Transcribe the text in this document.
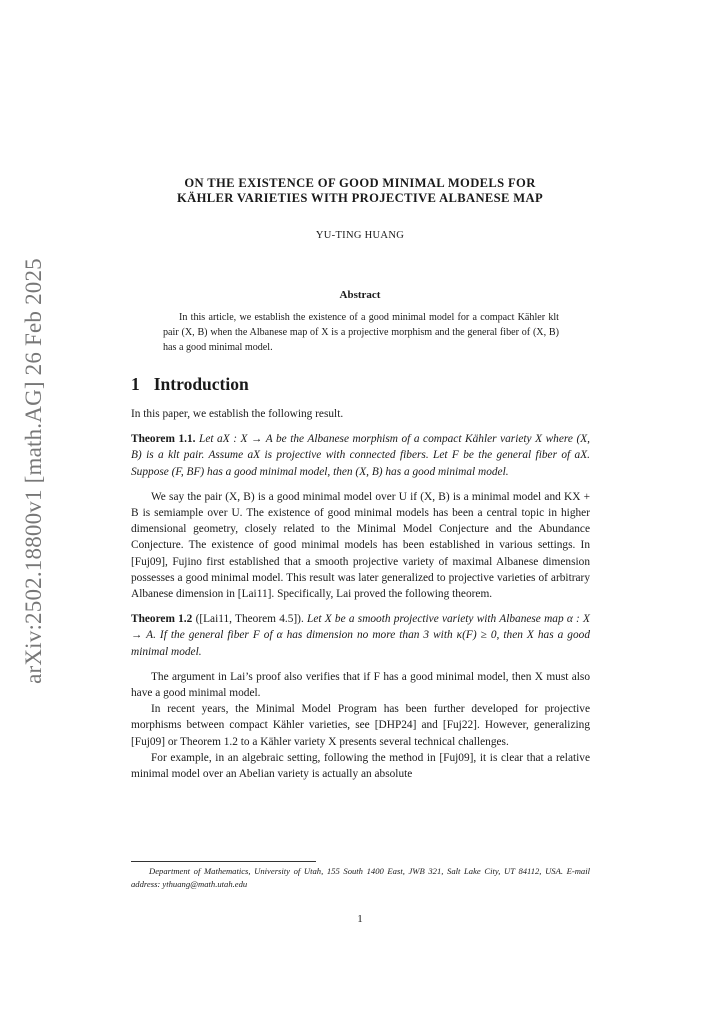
arXiv:2502.18800v1 [math.AG] 26 Feb 2025
ON THE EXISTENCE OF GOOD MINIMAL MODELS FOR
KÄHLER VARIETIES WITH PROJECTIVE ALBANESE MAP
YU-TING HUANG
Abstract
In this article, we establish the existence of a good minimal model for a compact Kähler klt pair (X, B) when the Albanese map of X is a projective morphism and the general fiber of (X, B) has a good minimal model.
1 Introduction

In this paper, we establish the following result.

Theorem 1.1. Let aX : X → A be the Albanese morphism of a compact Kähler variety X where (X, B) is a klt pair. Assume aX is projective with connected fibers. Let F be the general fiber of aX. Suppose (F, BF) has a good minimal model, then (X, B) has a good minimal model.

We say the pair (X, B) is a good minimal model over U if (X, B) is a minimal model and KX + B is semiample over U. The existence of good minimal models has been a central topic in higher dimensional geometry, closely related to the Minimal Model Conjecture and the Abundance Conjecture. The existence of good minimal models has been established in various settings. In [Fuj09], Fujino first established that a smooth projective variety of maximal Albanese dimension possesses a good minimal model. This result was later generalized to projective varieties of arbitrary Albanese dimension in [Lai11]. Specifically, Lai proved the following theorem.

Theorem 1.2 ([Lai11, Theorem 4.5]). Let X be a smooth projective variety with Albanese map α : X → A. If the general fiber F of α has dimension no more than 3 with κ(F) ≥ 0, then X has a good minimal model.

The argument in Lai’s proof also verifies that if F has a good minimal model, then X must also have a good minimal model.

In recent years, the Minimal Model Program has been further developed for projective morphisms between compact Kähler varieties, see [DHP24] and [Fuj22]. However, generalizing [Fuj09] or Theorem 1.2 to a Kähler variety X presents several technical challenges.

For example, in an algebraic setting, following the method in [Fuj09], it is clear that a relative minimal model over an Abelian variety is actually an absolute

Department of Mathematics, University of Utah, 155 South 1400 East, JWB 321, Salt Lake City, UT 84112, USA. E-mail address: ythuang@math.utah.edu
1
